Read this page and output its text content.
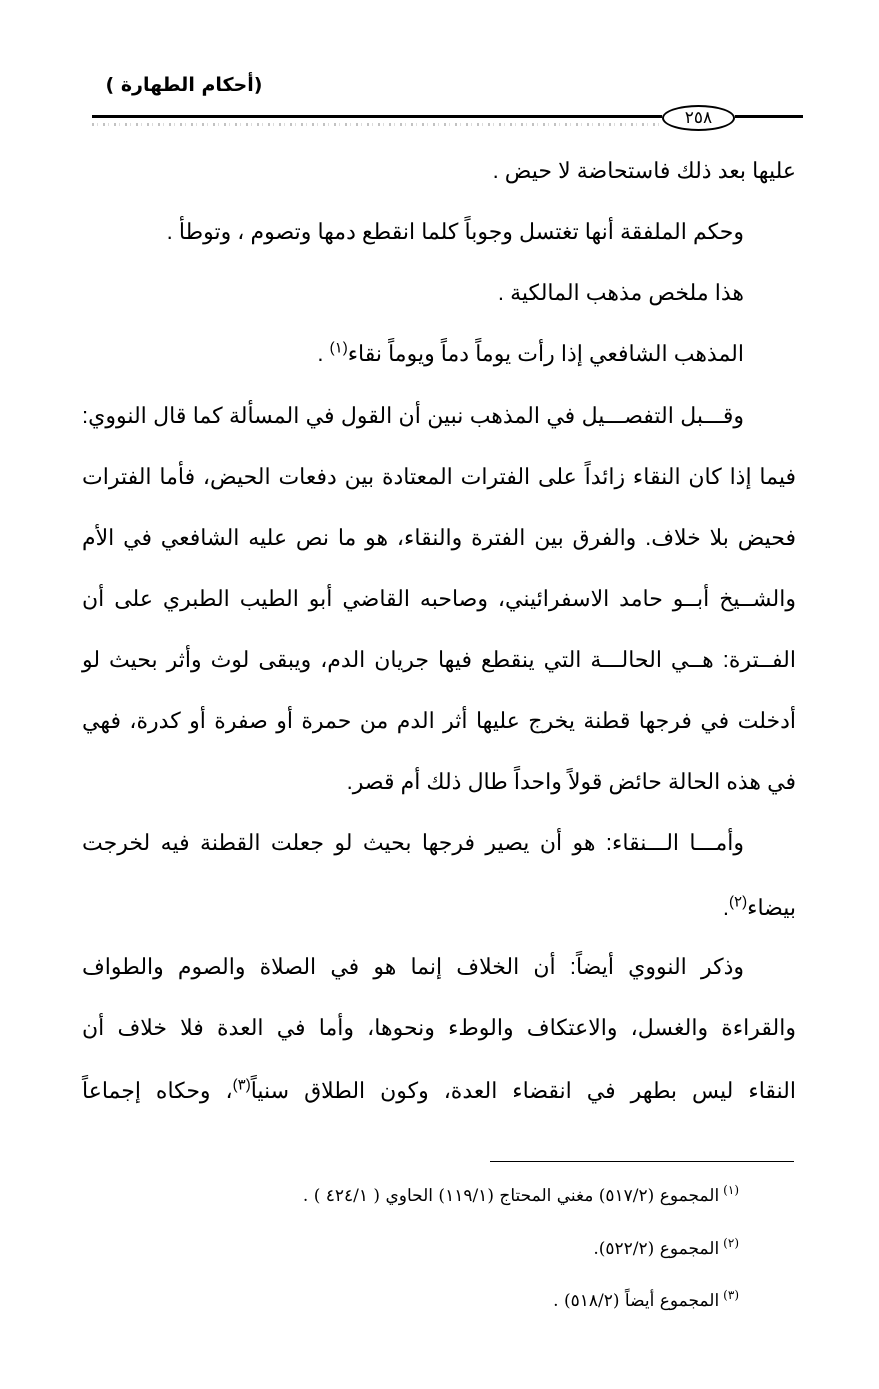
(أحكام الطهارة )
٢٥٨
عليها بعد ذلك فاستحاضة لا حيض .
وحكم الملفقة أنها تغتسل وجوباً كلما انقطع دمها وتصوم ، وتوطأ .
هذا ملخص مذهب المالكية .
المذهب الشافعي إذا رأت يوماً دماً ويوماً نقاء$^{(١)}$ .
وقـــبل التفصـــيل في المذهب نبين أن القول في المسألة كما قال النووي:
فيما إذا كان النقاء زائداً على الفترات المعتادة بين دفعات الحيض، فأما الفترات
فحيض بلا خلاف. والفرق بين الفترة والنقاء، هو ما نص عليه الشافعي في الأم
والشــيخ أبــو حامد الاسفرائيني، وصاحبه القاضي أبو الطيب الطبري على أن
الفــترة: هــي الحالـــة التي ينقطع فيها جريان الدم، ويبقى لوث وأثر بحيث لو
أدخلت في فرجها قطنة يخرج عليها أثر الدم من حمرة أو صفرة أو كدرة، فهي
في هذه الحالة حائض قولاً واحداً طال ذلك أم قصر.
وأمـــا الـــنقاء: هو أن يصير فرجها بحيث لو جعلت القطنة فيه لخرجت
بيضاء$^{(٢)}$.
وذكر النووي أيضاً: أن الخلاف إنما هو في الصلاة والصوم والطواف
والقراءة والغسل، والاعتكاف والوطء ونحوها، وأما في العدة فلا خلاف أن
النقاء ليس بطهر في انقضاء العدة، وكون الطلاق سنياً$^{(٣)}$، وحكاه إجماعاً
$^{(١)}$المجموع (٥١٧/٢) مغني المحتاج (١١٩/١) الحاوي ( ٤٢٤/١ ) .
$^{(٢)}$المجموع (٥٢٢/٢).
$^{(٣)}$المجموع أيضاً (٥١٨/٢) .
